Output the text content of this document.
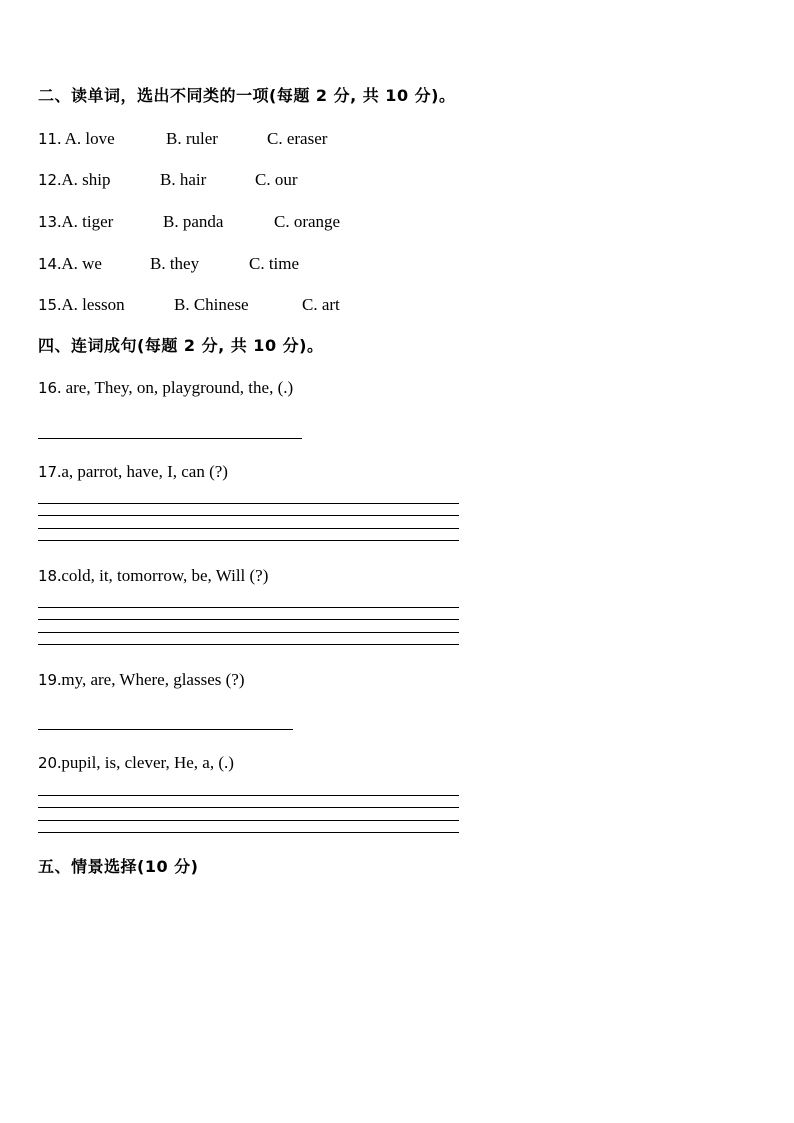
二、读单词，选出不同类的一项(每题 2 分, 共 10 分)。
11. A. love	B. ruler	C. eraser
12.A. ship	B. hair	C. our
13.A. tiger	B. panda	C. orange
14.A. we	B. they	C. time
15.A. lesson	B. Chinese	C. art
四、连词成句(每题 2 分, 共 10 分)。
16. are, They, on, playground, the, (.)
17.a, parrot, have, I, can (?)
18.cold, it, tomorrow, be, Will (?)
19.my, are, Where, glasses (?)
20.pupil, is, clever, He, a, (.)
五、情景选择(10 分)
